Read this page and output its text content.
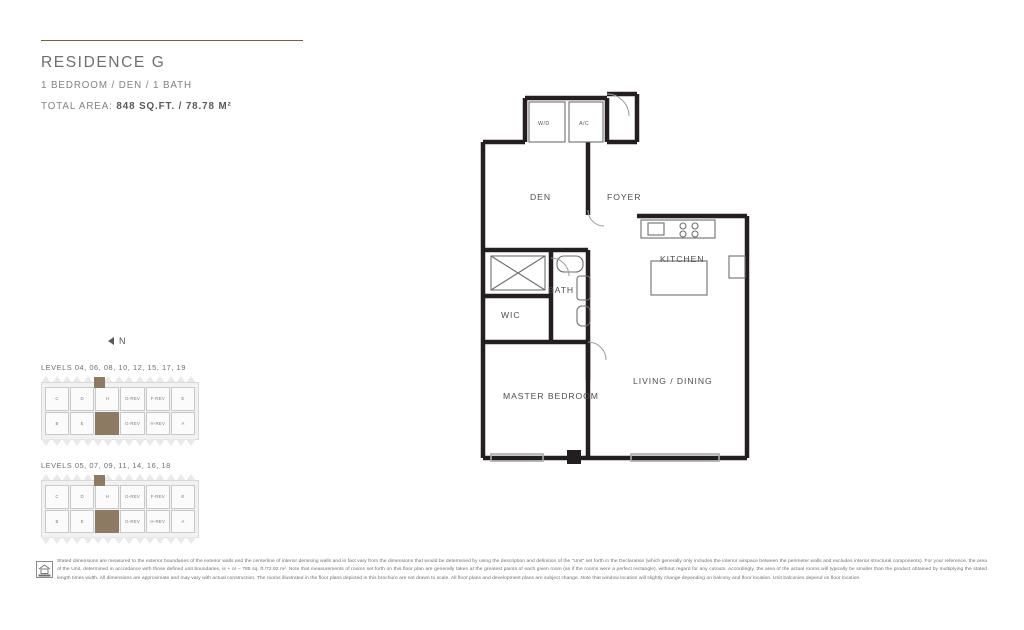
RESIDENCE G
1 BEDROOM / DEN / 1 BATH
TOTAL AREA: 848 SQ.FT. / 78.78 M²
N
LEVELS 04, 06, 08, 10, 12, 15, 17, 19
C	D	H	G-REV	F-REV	E
B	E	G	G-REV	H-REV	A
LEVELS 05, 07, 09, 11, 14, 16, 18
C	D	H	G-REV	F-REV	E
B	E	G	G-REV	H-REV	A
DEN	FOYER
KITCHEN
BATH
WIC
LIVING / DINING
MASTER BEDROOM
W/D	A/C
Stated dimensions are measured to the exterior boundaries of the exterior walls and the centerline of interior demising walls and in fact vary from the dimensions that would be determined by using the description and definition of the "Unit" set forth in the Declaration (which generally only includes the interior airspace between the perimeter walls and excludes interior structural components). For your reference, the area of the Unit, determined in accordance with those defined unit boundaries, is + or – 785 sq. ft./72.92 m². Note that measurements of rooms set forth on this floor plan are generally taken at the greatest points of each given room (as if the rooms were a perfect rectangle), without regard for any cutouts. Accordingly, the area of the actual rooms will typically be smaller than the product obtained by multiplying the stated length times width. All dimensions are approximate and may vary with actual construction. The rooms illustrated in the floor plans depicted in this brochure are not drawn to scale. All floor plans and development plans are subject change. Note that window location will slightly change depending on balcony and floor location. Unit balconies depend on floor location.
